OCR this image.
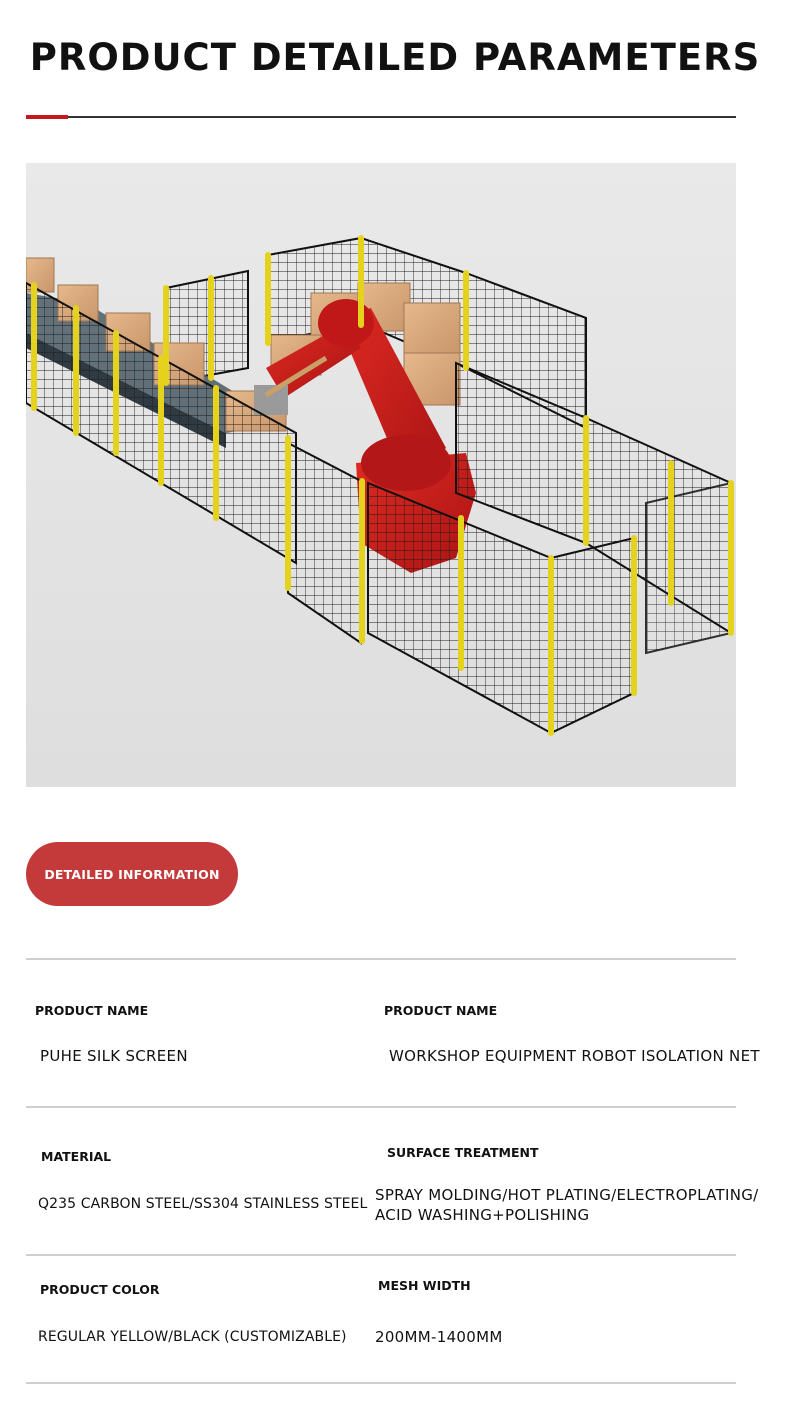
PRODUCT DETAILED PARAMETERS
DETAILED INFORMATION
PRODUCT NAME
PUHE SILK SCREEN
PRODUCT NAME
WORKSHOP EQUIPMENT ROBOT ISOLATION NET
MATERIAL
Q235 CARBON STEEL/SS304 STAINLESS STEEL
SURFACE TREATMENT
SPRAY MOLDING/HOT PLATING/ELECTROPLATING/
ACID WASHING+POLISHING
PRODUCT COLOR
REGULAR YELLOW/BLACK (CUSTOMIZABLE)
MESH WIDTH
200MM-1400MM
